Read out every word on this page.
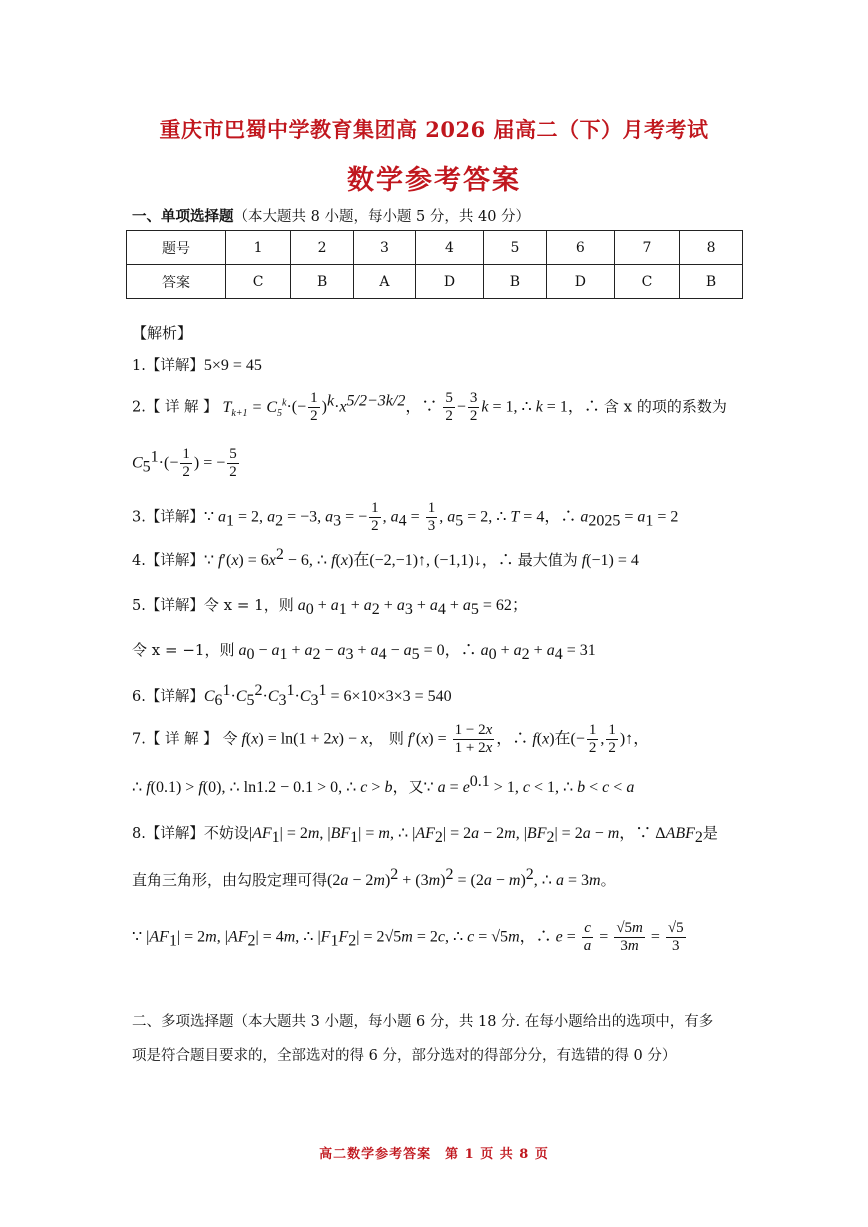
重庆市巴蜀中学教育集团高 2026 届高二（下）月考考试
数学参考答案
一、单项选择题（本大题共 8 小题，每小题 5 分，共 40 分）
题号	1	2	3	4	5	6	7	8
答案	C	B	A	D	B	D	C	B
【解析】
1.【详解】5×9 = 45
2.【 详 解 】 $T_{k+1} = C_5^k\cdot(- \frac{1}{2} )^k\cdot x^{5/2-3k/2}$，∵ $\frac{5}{2} - \frac{3}{2}$ k = 1, ∴ k = 1，∴ 含 x 的项的系数为
$C_5^1\cdot(- \frac{1}{2}$ ) = − $\frac{5}{2}$
3.【详解】∵ $a_1 = 2$, $a_2 = -3$, $a_3$ = − $\frac{1}{2}$ , $a_4 = \frac{1}{3}$ , $a_5 = 2$, ∴ T = 4，∴ $a_{2025} = a_1 = 2$
4.【详解】∵ $f'(x) = 6x^2 - 6$, ∴ f(x)在(−2,−1)↑, (−1,1)↓，∴ 最大值为 f(−1) = 4
5.【详解】令 x = 1，则 $a_0 + a_1 + a_2 + a_3 + a_4 + a_5 = 62$；
令 x = −1，则 $a_0 - a_1 + a_2 - a_3 + a_4 - a_5 = 0$，∴ $a_0 + a_2 + a_4 = 31$
6.【详解】$C_6^1\cdot C_5^2\cdot C_3^1\cdot C_3^1 = 6\times 10\times 3\times 3 = 540$
7.【 详 解 】 令 f(x) = ln(1 + 2x) − x， 则 $f'(x) = \frac{1 - 2x}{1 + 2x}$ ，∴ f(x)在(− $\frac{1}{2}$ , $\frac{1}{2}$ )↑，
∴ f(0.1) > f(0), ∴ ln1.2 − 0.1 > 0, ∴ c > b，又∵ $a = e^{0.1} > 1$, c < 1, ∴ b < c < a
8.【详解】不妨设$|AF_1| = 2m$, $|BF_1| = m$, ∴ $|AF_2| = 2a - 2m$, $|BF_2| = 2a - m$，∵ $\Delta ABF_2$是
直角三角形，由勾股定理可得$(2a - 2m)^2 + (3m)^2 = (2a - m)^2$, ∴ a = 3m。
∵ $|AF_1| = 2m$, $|AF_2| = 4m$, ∴ $|F_1F_2| = 2√5m = 2c$, ∴ c = √5m，∴ $e = \frac{c}{a} = \frac{√5m}{3m} = \frac{√5}{3}$
二、多项选择题（本大题共 3 小题，每小题 6 分，共 18 分. 在每小题给出的选项中，有多
项是符合题目要求的，全部选对的得 6 分，部分选对的得部分分，有选错的得 0 分）
高二数学参考答案　第 1 页 共 8 页
